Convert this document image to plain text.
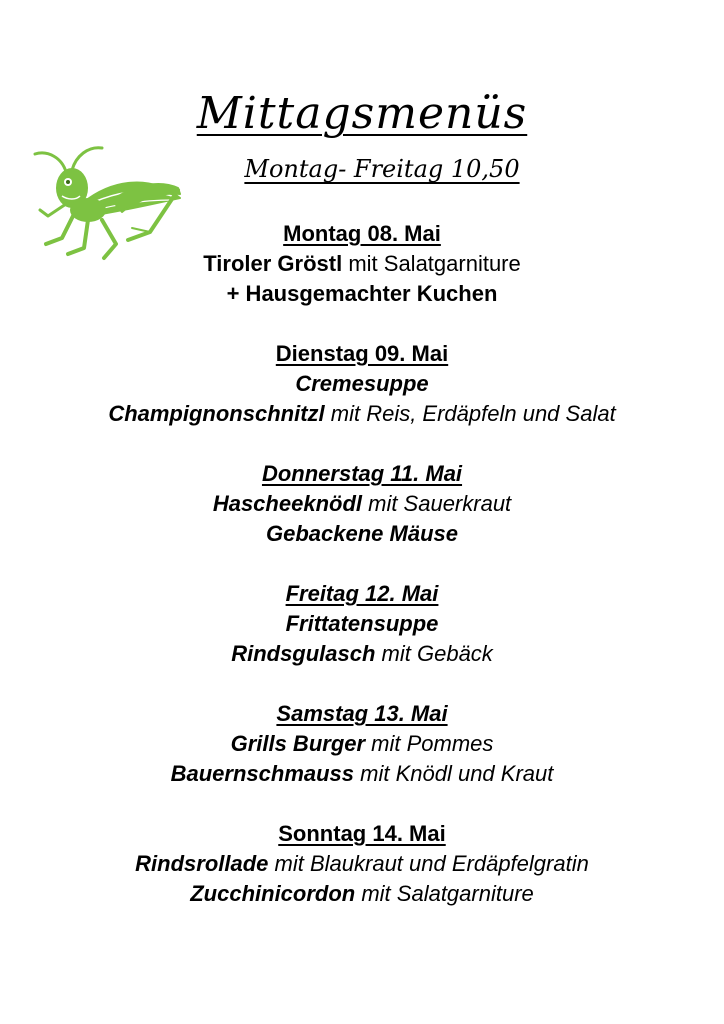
Mittagsmenüs
Montag- Freitag 10,50
Montag 08. Mai
Tiroler Gröstl mit Salatgarniture
+ Hausgemachter Kuchen
Dienstag 09. Mai
Cremesuppe
Champignonschnitzl mit Reis, Erdäpfeln und Salat
Donnerstag 11. Mai
Hascheeknödl mit Sauerkraut
Gebackene Mäuse
Freitag 12. Mai
Frittatensuppe
Rindsgulasch mit Gebäck
Samstag 13. Mai
Grills Burger mit Pommes
Bauernschmauss mit Knödl und Kraut
Sonntag 14. Mai
Rindsrollade mit Blaukraut und Erdäpfelgratin
Zucchinicordon mit Salatgarniture
